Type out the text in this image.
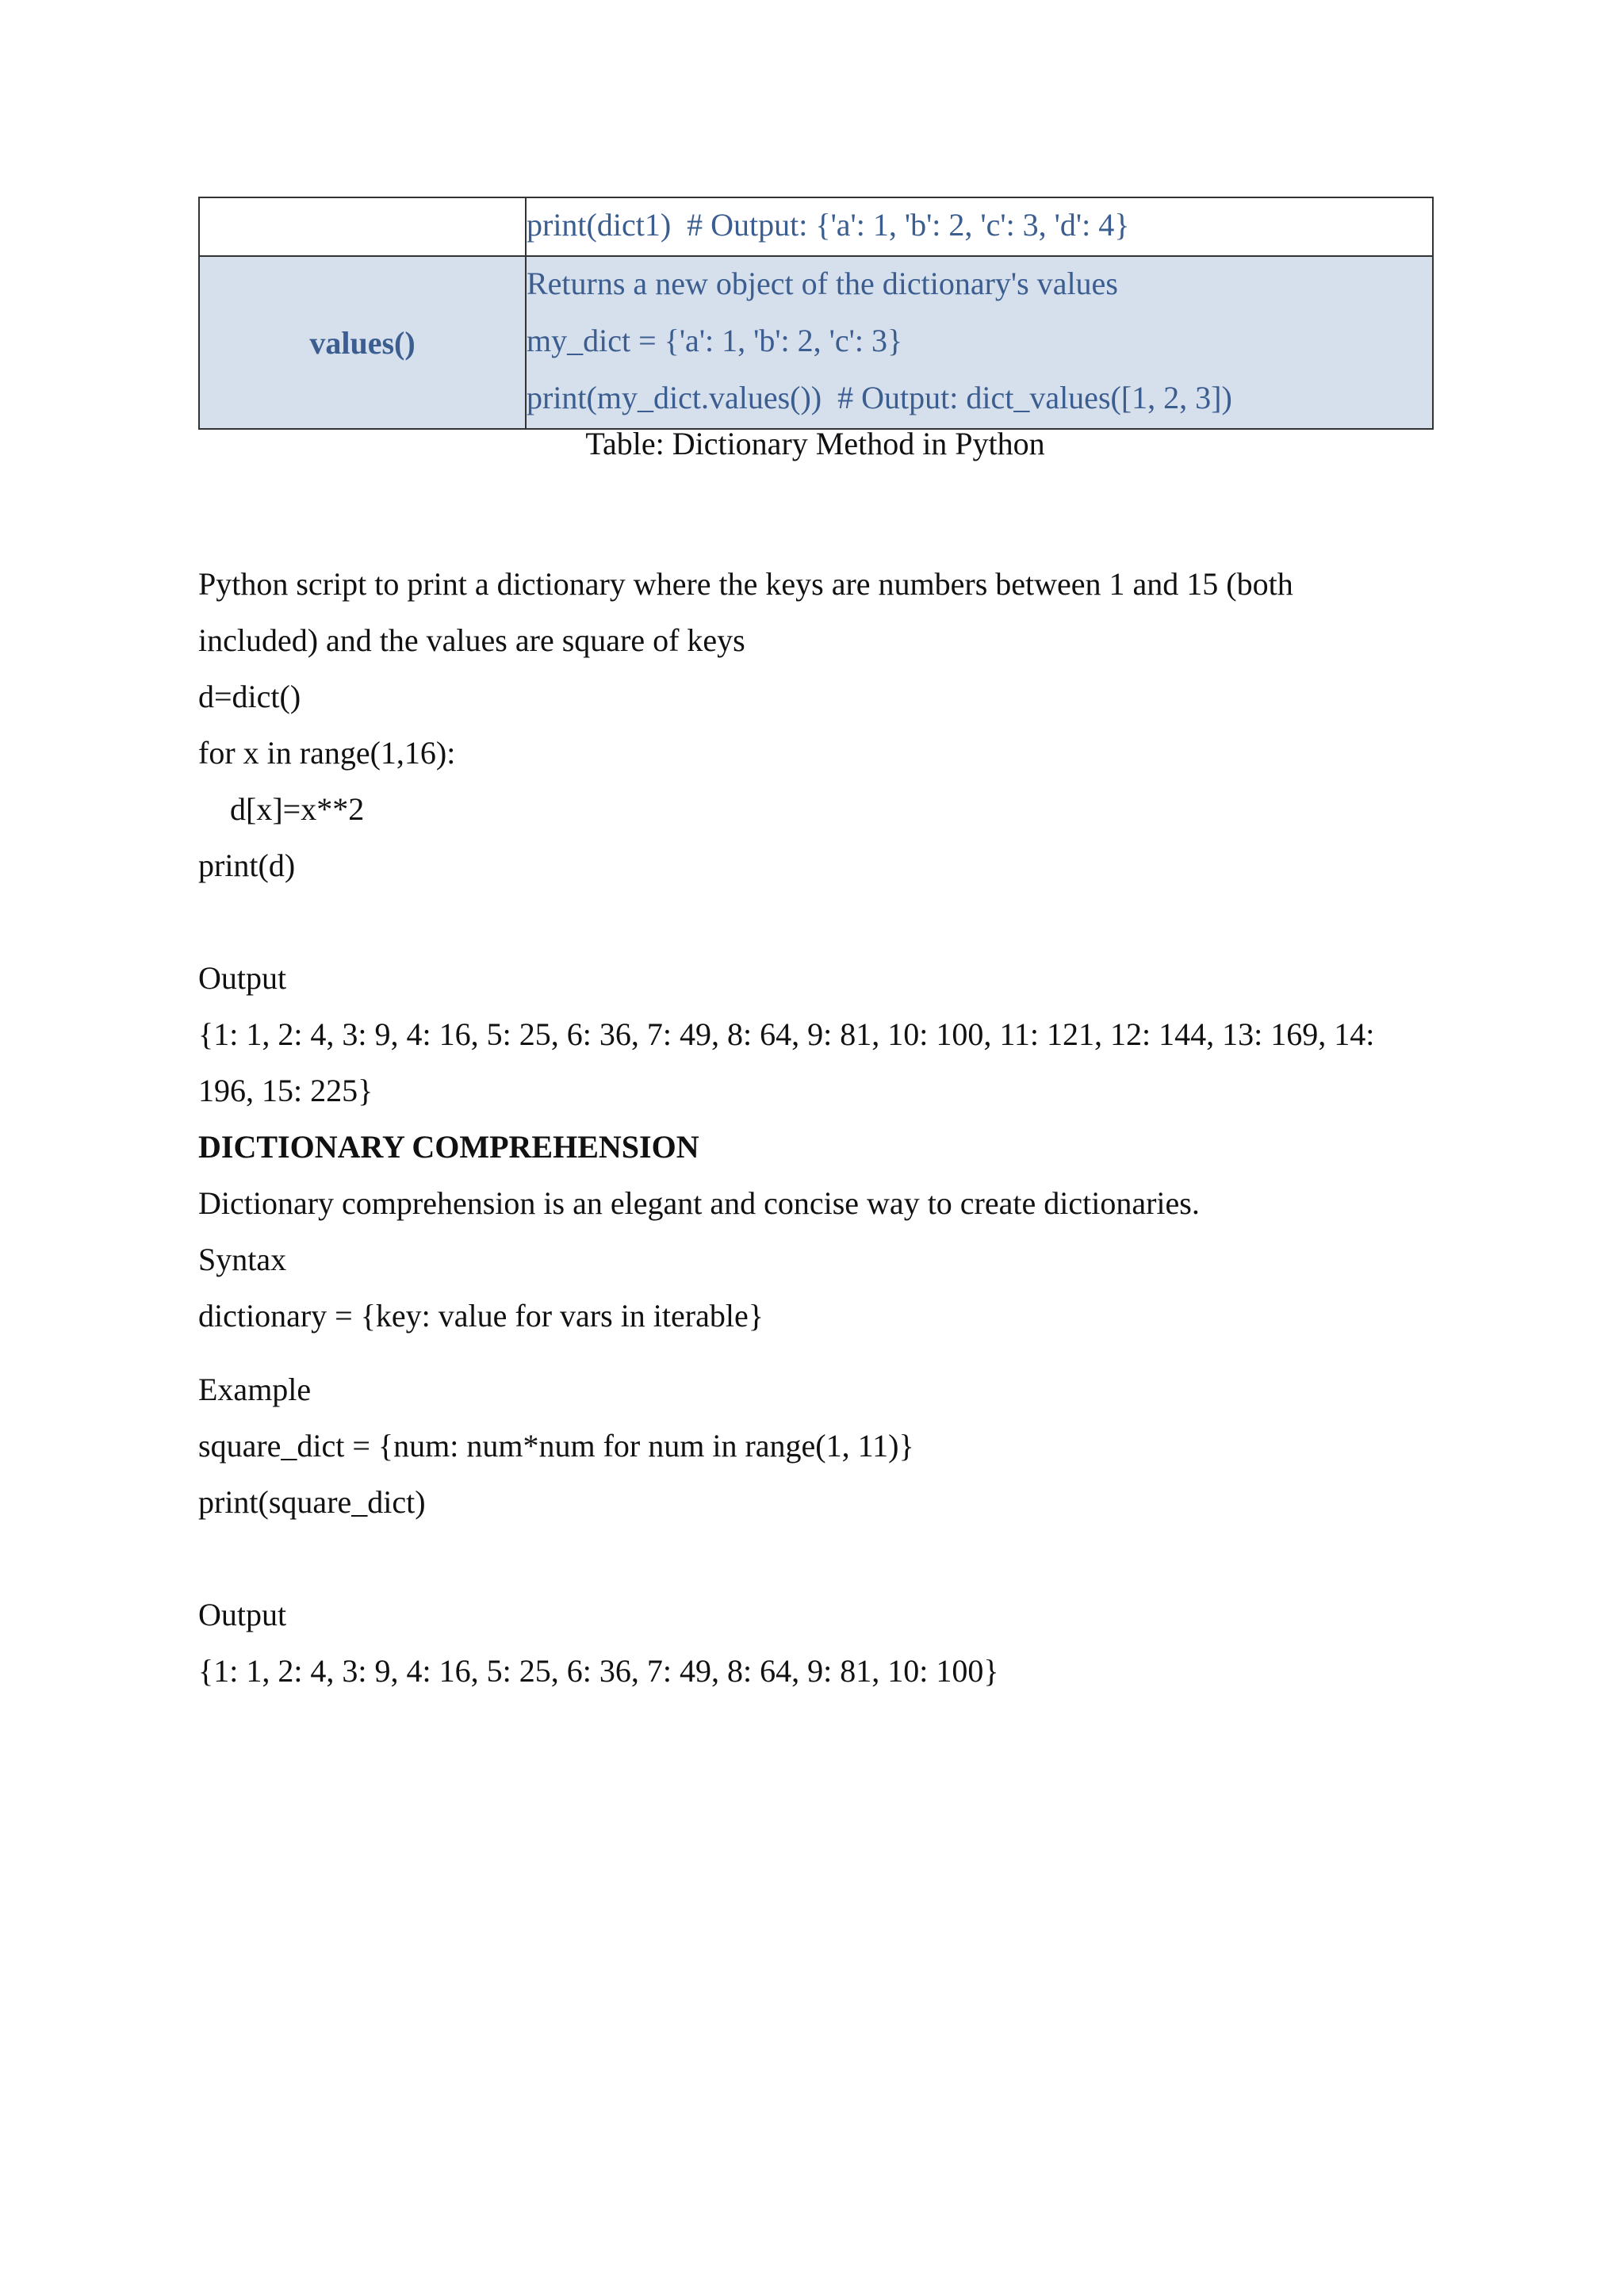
	print(dict1)  # Output: {'a': 1, 'b': 2, 'c': 3, 'd': 4}

values()	Returns a new object of the dictionary's values
my_dict = {'a': 1, 'b': 2, 'c': 3}
print(my_dict.values())  # Output: dict_values([1, 2, 3])
Table: Dictionary Method in Python
Python script to print a dictionary where the keys are numbers between 1 and 15 (both
included) and the values are square of keys
d=dict()
for x in range(1,16):
d[x]=x**2
print(d)
Output
{1: 1, 2: 4, 3: 9, 4: 16, 5: 25, 6: 36, 7: 49, 8: 64, 9: 81, 10: 100, 11: 121, 12: 144, 13: 169, 14:
196, 15: 225}
DICTIONARY COMPREHENSION
Dictionary comprehension is an elegant and concise way to create dictionaries.
Syntax
dictionary = {key: value for vars in iterable}
Example
square_dict = {num: num*num for num in range(1, 11)}
print(square_dict)
Output
{1: 1, 2: 4, 3: 9, 4: 16, 5: 25, 6: 36, 7: 49, 8: 64, 9: 81, 10: 100}
